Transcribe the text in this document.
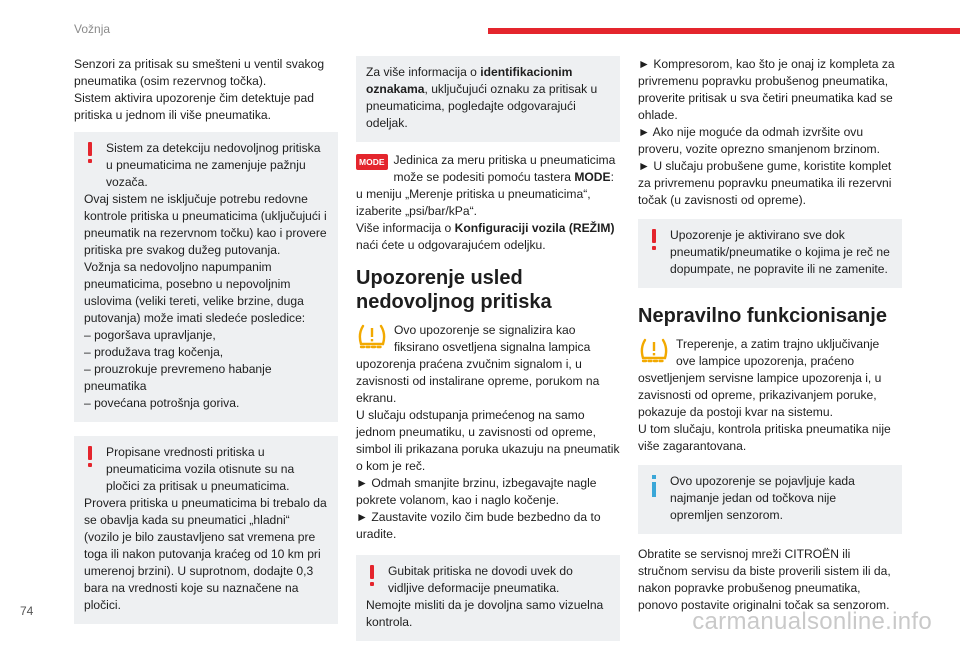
Vožnja
Senzori za pritisak su smešteni u ventil svakog pneumatika (osim rezervnog točka).
Sistem aktivira upozorenje čim detektuje pad pritiska u jednom ili više pneumatika.
Sistem za detekciju nedovoljnog pritiska u pneumaticima ne zamenjuje pažnju vozača.
Ovaj sistem ne isključuje potrebu redovne kontrole pritiska u pneumaticima (uključujući i pneumatik na rezervnom točku) kao i provere pritiska pre svakog dužeg putovanja.
Vožnja sa nedovoljno napumpanim pneumaticima, posebno u nepovoljnim uslovima (veliki tereti, velike brzine, duga putovanja) može imati sledeće posledice:
– pogoršava upravljanje,
– produžava trag kočenja,
– prouzrokuje prevremeno habanje pneumatika
– povećana potrošnja goriva.
Propisane vrednosti pritiska u pneumaticima vozila otisnute su na pločici za pritisak u pneumaticima.
Provera pritiska u pneumaticima bi trebalo da se obavlja kada su pneumatici „hladni“ (vozilo je bilo zaustavljeno sat vremena pre toga ili nakon putovanja kraćeg od 10 km pri umerenoj brzini). U suprotnom, dodajte 0,3 bara na vrednosti koje su naznačene na pločici.
Za više informacija o identifikacionim oznakama, uključujući oznaku za pritisak u pneumaticima, pogledajte odgovarajući odeljak.
MODE Jedinica za meru pritiska u pneumaticima može se podesiti pomoću tastera MODE: u meniju „Merenje pritiska u pneumaticima“, izaberite „psi/bar/kPa“.
Više informacija o Konfiguraciji vozila (REŽIM) naći ćete u odgovarajućem odeljku.
Upozorenje usled nedovoljnog pritiska
Ovo upozorenje se signalizira kao fiksirano osvetljena signalna lampica upozorenja praćena zvučnim signalom i, u zavisnosti od instalirane opreme, porukom na ekranu.
U slučaju odstupanja primećenog na samo jednom pneumatiku, u zavisnosti od opreme, simbol ili prikazana poruka ukazuju na pneumatik o kom je reč.
► Odmah smanjite brzinu, izbegavajte nagle pokrete volanom, kao i naglo kočenje.
► Zaustavite vozilo čim bude bezbedno da to uradite.
Gubitak pritiska ne dovodi uvek do vidljive deformacije pneumatika.
Nemojte misliti da je dovoljna samo vizuelna kontrola.
► Kompresorom, kao što je onaj iz kompleta za privremenu popravku probušenog pneumatika, proverite pritisak u sva četiri pneumatika kad se ohlade.
► Ako nije moguće da odmah izvršite ovu proveru, vozite oprezno smanjenom brzinom.
► U slučaju probušene gume, koristite komplet za privremenu popravku pneumatika ili rezervni točak (u zavisnosti od opreme).
Upozorenje je aktivirano sve dok pneumatik/pneumatike o kojima je reč ne dopumpate, ne popravite ili ne zamenite.
Nepravilno funkcionisanje
Treperenje, a zatim trajno uključivanje ove lampice upozorenja, praćeno osvetljenjem servisne lampice upozorenja i, u zavisnosti od opreme, prikazivanjem poruke, pokazuje da postoji kvar na sistemu.
U tom slučaju, kontrola pritiska pneumatika nije više zagarantovana.
Ovo upozorenje se pojavljuje kada najmanje jedan od točkova nije opremljen senzorom.
Obratite se servisnoj mreži CITROËN ili stručnom servisu da biste proverili sistem ili da, nakon popravke probušenog pneumatika, ponovo postavite originalni točak sa senzorom.
74	carmanualsonline.info
